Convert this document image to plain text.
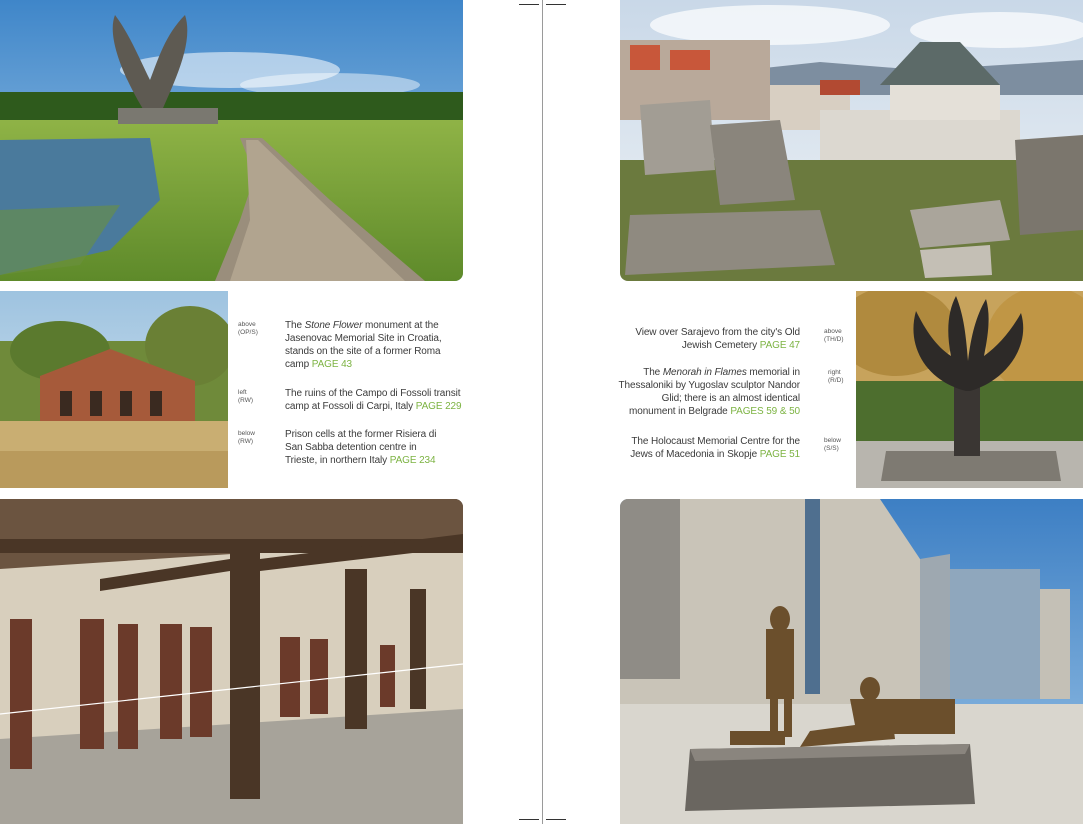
above
(OP/S)
The Stone Flower monument at the Jasenovac Memorial Site in Croatia, stands on the site of a former Roma camp PAGE 43
left
(RW)
The ruins of the Campo di Fossoli transit camp at Fossoli di Carpi, Italy PAGE 229
below
(RW)
Prison cells at the former Risiera di San Sabba detention centre in Trieste, in northern Italy PAGE 234
View over Sarajevo from the city's Old Jewish Cemetery PAGE 47
above
(TH/D)
The Menorah in Flames memorial in Thessaloniki by Yugoslav sculptor Nandor Glid; there is an almost identical monument in Belgrade PAGES 59 & 50
right
(R/D)
The Holocaust Memorial Centre for the Jews of Macedonia in Skopje PAGE 51
below
(S/S)
